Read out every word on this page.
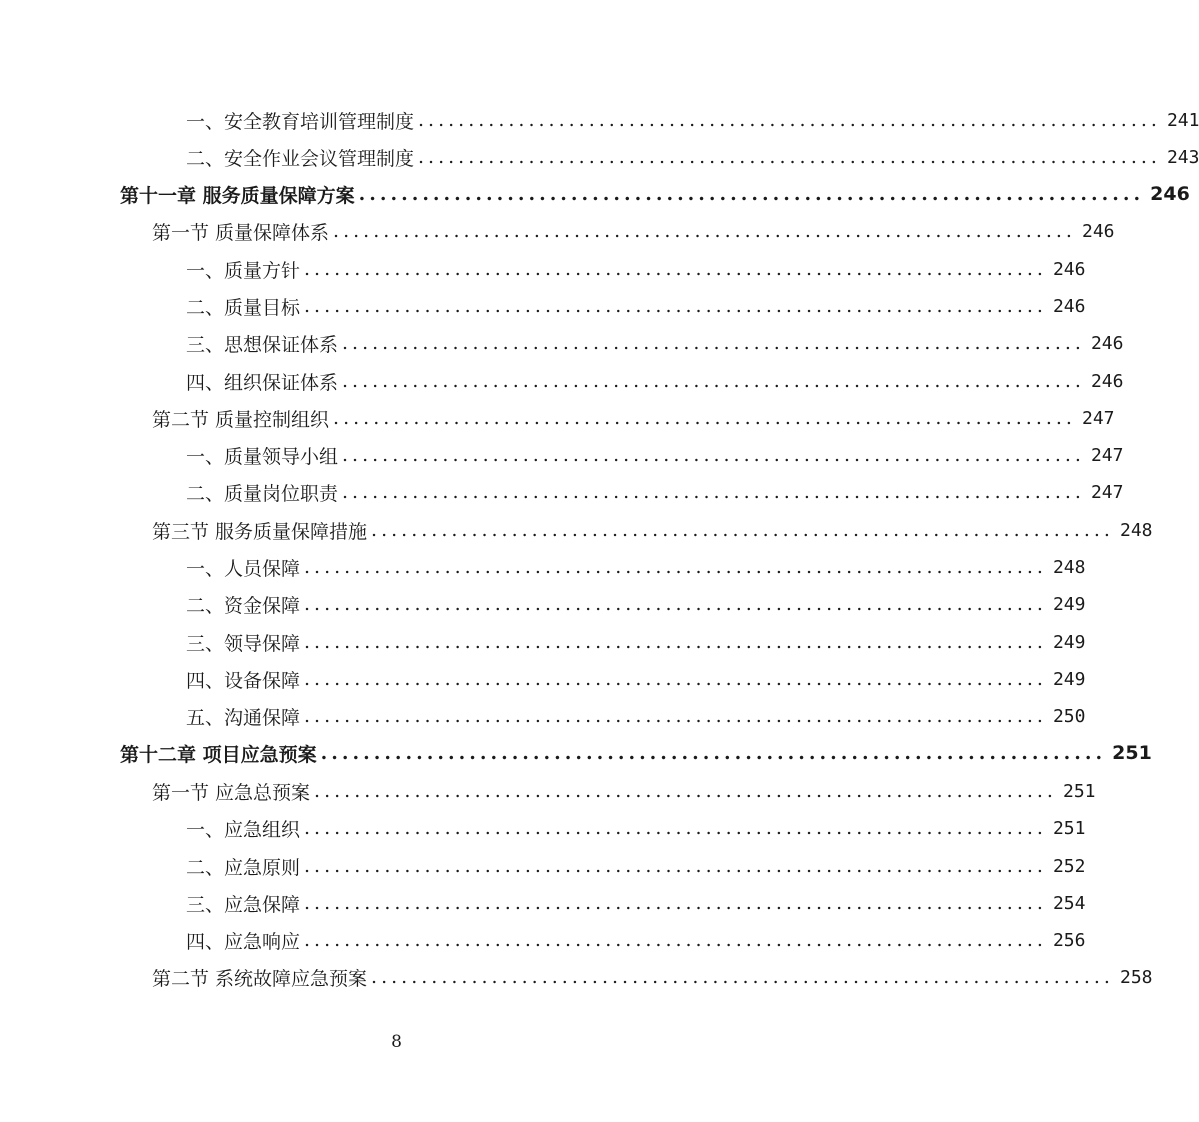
一、安全教育培训管理制度 .......................................................................... 241
二、安全作业会议管理制度 .......................................................................... 243
第十一章 服务质量保障方案 .......................................................................... 246
第一节 质量保障体系 .......................................................................... 246
一、质量方针 .......................................................................... 246
二、质量目标 .......................................................................... 246
三、思想保证体系 .......................................................................... 246
四、组织保证体系 .......................................................................... 246
第二节 质量控制组织 .......................................................................... 247
一、质量领导小组 .......................................................................... 247
二、质量岗位职责 .......................................................................... 247
第三节 服务质量保障措施 .......................................................................... 248
一、人员保障 .......................................................................... 248
二、资金保障 .......................................................................... 249
三、领导保障 .......................................................................... 249
四、设备保障 .......................................................................... 249
五、沟通保障 .......................................................................... 250
第十二章 项目应急预案 .......................................................................... 251
第一节 应急总预案 .......................................................................... 251
一、应急组织 .......................................................................... 251
二、应急原则 .......................................................................... 252
三、应急保障 .......................................................................... 254
四、应急响应 .......................................................................... 256
第二节 系统故障应急预案 .......................................................................... 258
8
